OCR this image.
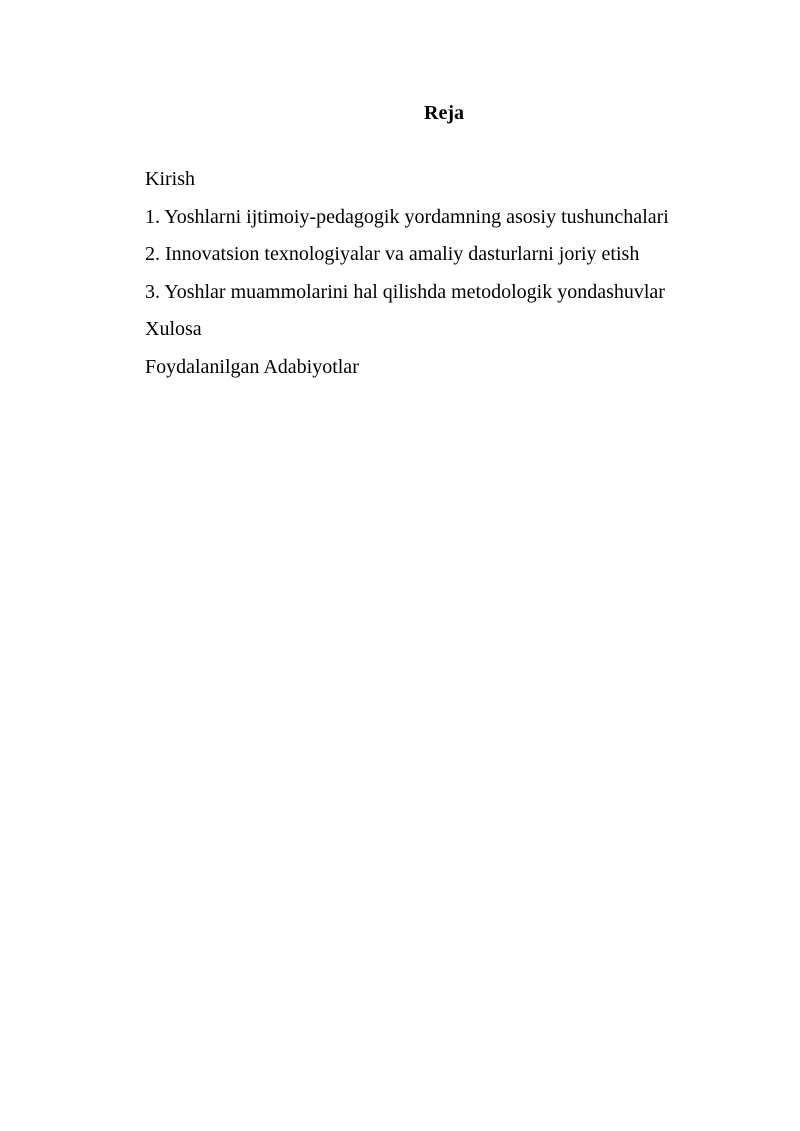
Reja
Kirish
1. Yoshlarni ijtimoiy-pedagogik yordamning asosiy tushunchalari
2. Innovatsion texnologiyalar va amaliy dasturlarni joriy etish
3. Yoshlar muammolarini hal qilishda metodologik yondashuvlar
Xulosa
Foydalanilgan Adabiyotlar
